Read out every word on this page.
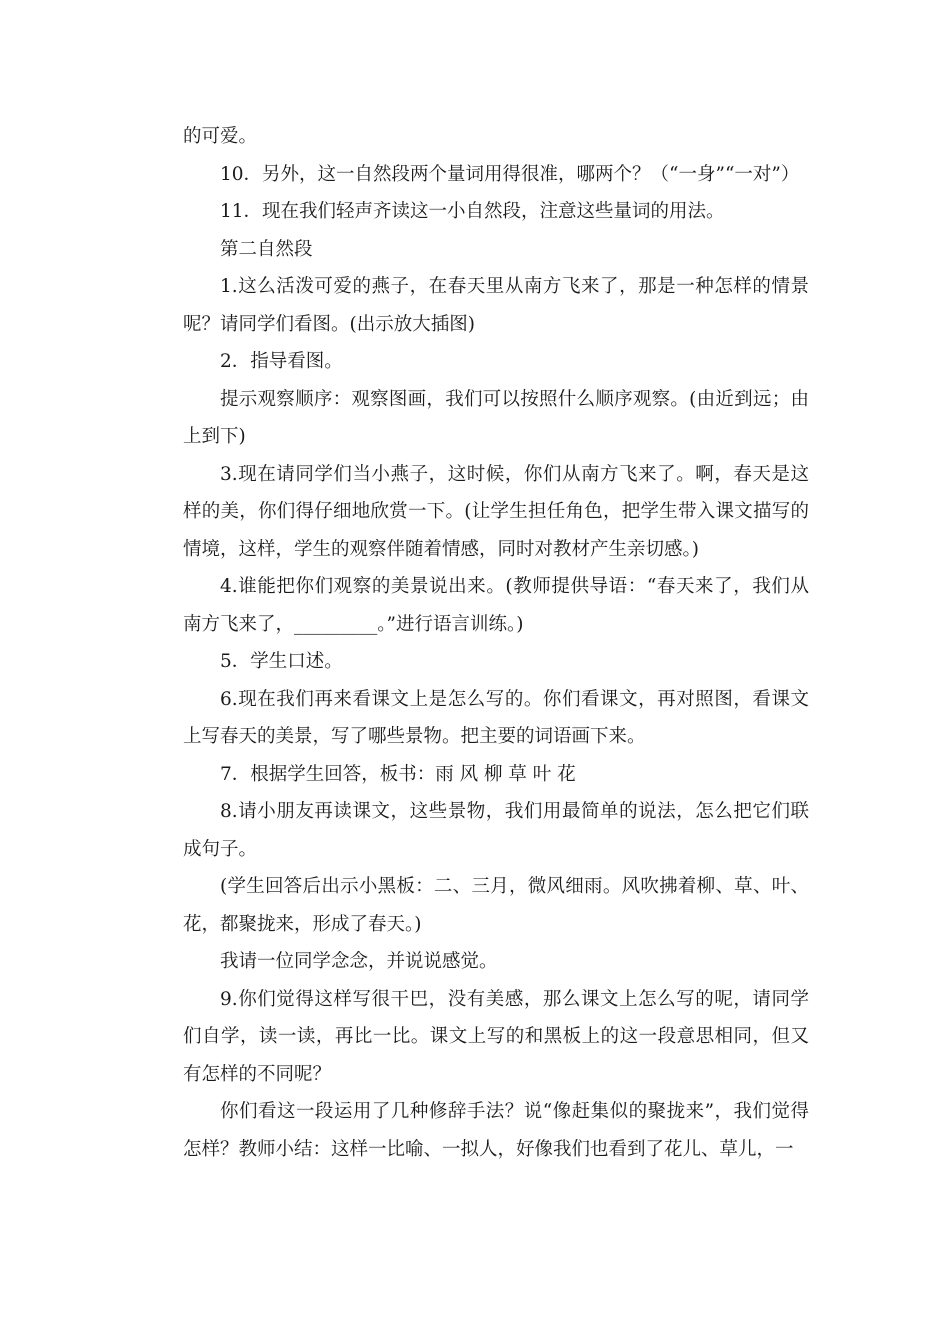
的可爱。

10．另外，这一自然段两个量词用得很准，哪两个？（“一身”“一对”）

11．现在我们轻声齐读这一小自然段，注意这些量词的用法。

第二自然段

1.这么活泼可爱的燕子，在春天里从南方飞来了，那是一种怎样的情景呢？请同学们看图。(出示放大插图)

2．指导看图。

提示观察顺序：观察图画，我们可以按照什么顺序观察。(由近到远；由上到下)

3.现在请同学们当小燕子，这时候，你们从南方飞来了。啊，春天是这样的美，你们得仔细地欣赏一下。(让学生担任角色，把学生带入课文描写的情境，这样，学生的观察伴随着情感，同时对教材产生亲切感。)

4.谁能把你们观察的美景说出来。(教师提供导语：“春天来了，我们从南方飞来了，_________。”进行语言训练。)

5．学生口述。

6.现在我们再来看课文上是怎么写的。你们看课文，再对照图，看课文上写春天的美景，写了哪些景物。把主要的词语画下来。

7．根据学生回答，板书：雨 风 柳 草 叶 花

8.请小朋友再读课文，这些景物，我们用最简单的说法，怎么把它们联成句子。

(学生回答后出示小黑板：二、三月，微风细雨。风吹拂着柳、草、叶、花，都聚拢来，形成了春天。)

我请一位同学念念，并说说感觉。

9.你们觉得这样写很干巴，没有美感，那么课文上怎么写的呢，请同学们自学，读一读，再比一比。课文上写的和黑板上的这一段意思相同，但又有怎样的不同呢？

你们看这一段运用了几种修辞手法？说“像赶集似的聚拢来”，我们觉得怎样？教师小结：这样一比喻、一拟人，好像我们也看到了花儿、草儿，一
